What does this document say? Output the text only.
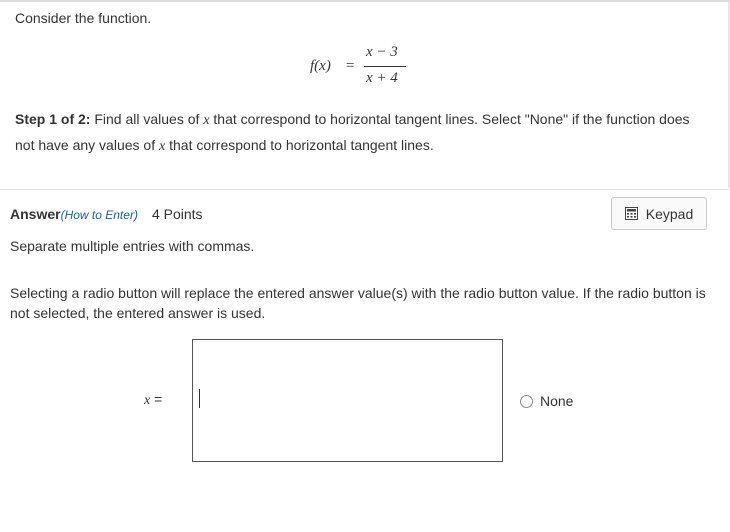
Consider the function.
f(x) =
x − 3
x + 4
Step 1 of 2: Find all values of x that correspond to horizontal tangent lines. Select "None" if the function does not have any values of x that correspond to horizontal tangent lines.
Answer(How to Enter) 4 Points	Keypad
Separate multiple entries with commas.
Selecting a radio button will replace the entered answer value(s) with the radio button value. If the radio button is not selected, the entered answer is used.
x =	None
